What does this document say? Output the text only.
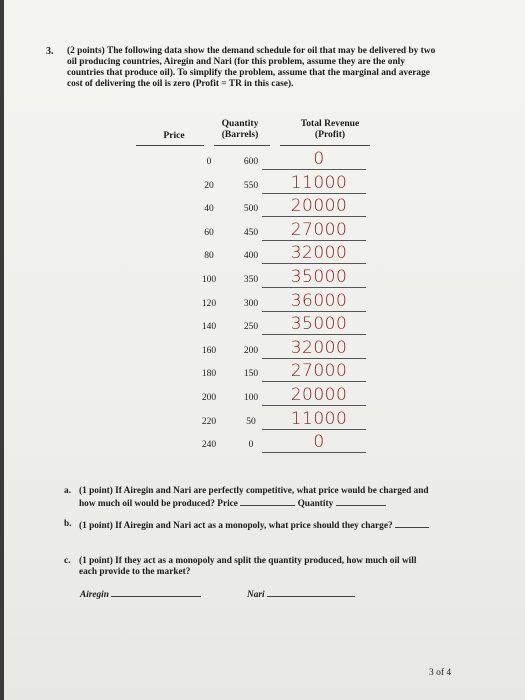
3. (2 points) The following data show the demand schedule for oil that may be delivered by two
oil producing countries, Airegin and Nari (for this problem, assume they are the only
countries that produce oil). To simplify the problem, assume that the marginal and average
cost of delivering the oil is zero (Profit = TR in this case).
Price
Quantity
(Barrels)
Total Revenue
(Profit)
0	600	0
20	550	11000
40	500	20000
60	450	27000
80	400	32000
100	350	35000
120	300	36000
140	250	35000
160	200	32000
180	150	27000
200	100	20000
220	50	11000
240	0	0
a. (1 point) If Airegin and Nari are perfectly competitive, what price would be charged and
how much oil would be produced? Price	Quantity
b. (1 point) If Airegin and Nari act as a monopoly, what price should they charge?
c. (1 point) If they act as a monopoly and split the quantity produced, how much oil will
each provide to the market?
Airegin	Nari
3 of 4
